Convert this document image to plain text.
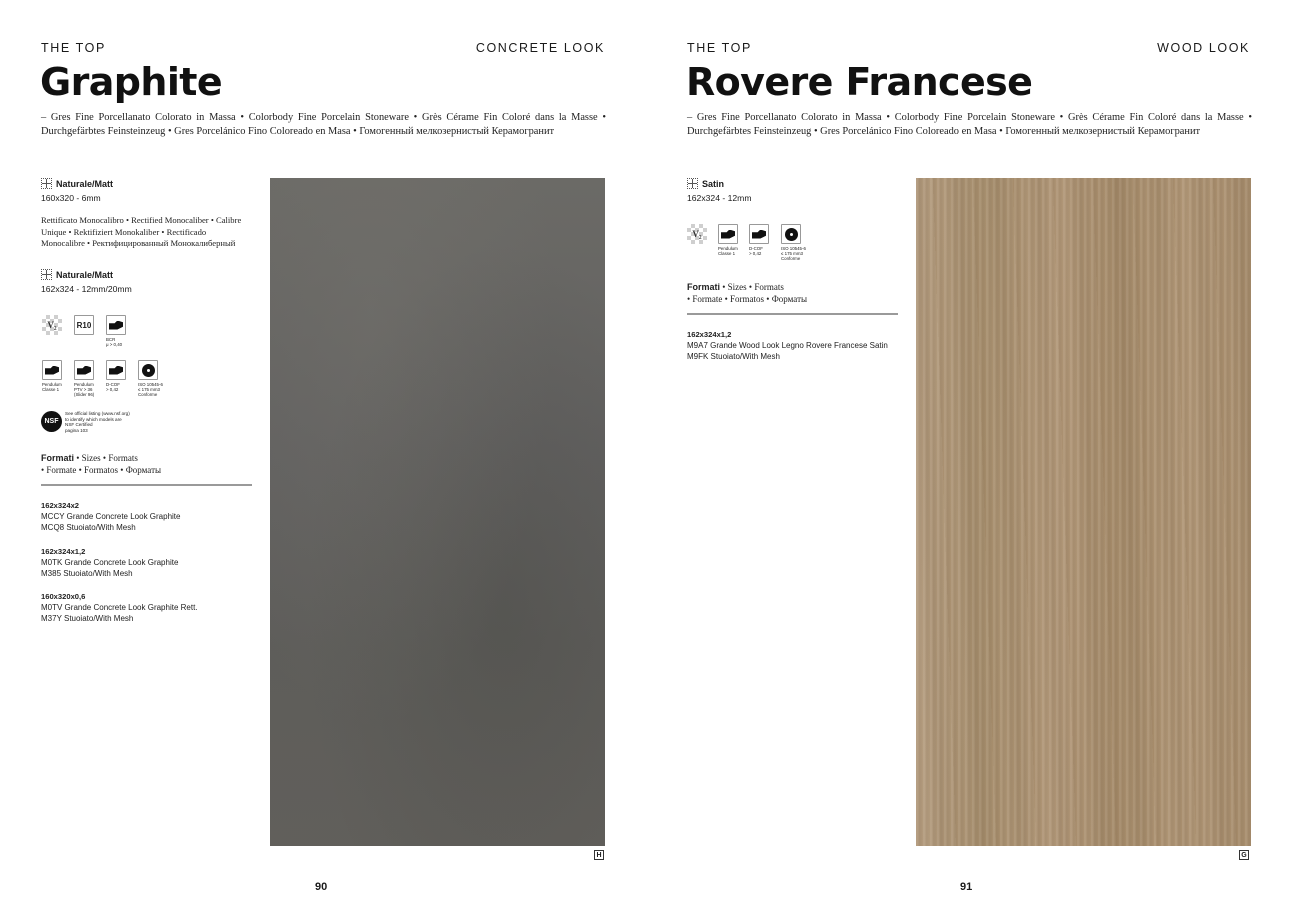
THE TOP	CONCRETE LOOK
Graphite
– Gres Fine Porcellanato Colorato in Massa • Colorbody Fine Porcelain Stoneware • Grès Cérame Fin Coloré dans la Masse • Durchgefärbtes Feinsteinzeug • Gres Porcelánico Fino Coloreado en Masa • Гомогенный мелкозернистый Керамогранит
Naturale/Matt
160x320 - 6mm
Rettificato Monocalibro • Rectified Monocaliber • Calibre Unique • Rektifiziert Monokaliber • Rectificado Monocalibre • Ректифицированный Монокалиберный
Naturale/Matt
162x324 - 12mm/20mm
V₂	R10
BCR
μ > 0,40
Pendulum
Classe 1
Pendulum
PTV > 36
(Slider 96)
D-COF
> 0,42
ISO 10545-6
≤ 175 mm3
Conforme
NSF
See official listing (www.nsf.org)
to identify which models are
NSF Certified
pagina 103
Formati • Sizes • Formats
• Formate • Formatos • Форматы
162x324x2
MCCY Grande Concrete Look Graphite
MCQ8 Stuoiato/With Mesh
162x324x1,2
M0TK Grande Concrete Look Graphite
M385 Stuoiato/With Mesh
160x320x0,6
M0TV Grande Concrete Look Graphite Rett.
M37Y Stuoiato/With Mesh
H
90
THE TOP	WOOD LOOK
Rovere Francese
– Gres Fine Porcellanato Colorato in Massa • Colorbody Fine Porcelain Stoneware • Grès Cérame Fin Coloré dans la Masse • Durchgefärbtes Feinsteinzeug • Gres Porcelánico Fino Coloreado en Masa • Гомогенный мелкозернистый Керамогранит
Satin
162x324 - 12mm
V₂
Pendulum
Classe 1
D-COF
> 0,42
ISO 10545-6
≤ 175 mm3
Conforme
Formati • Sizes • Formats
• Formate • Formatos • Форматы
162x324x1,2
M9A7 Grande Wood Look Legno Rovere Francese Satin
M9FK Stuoiato/With Mesh
G
91
